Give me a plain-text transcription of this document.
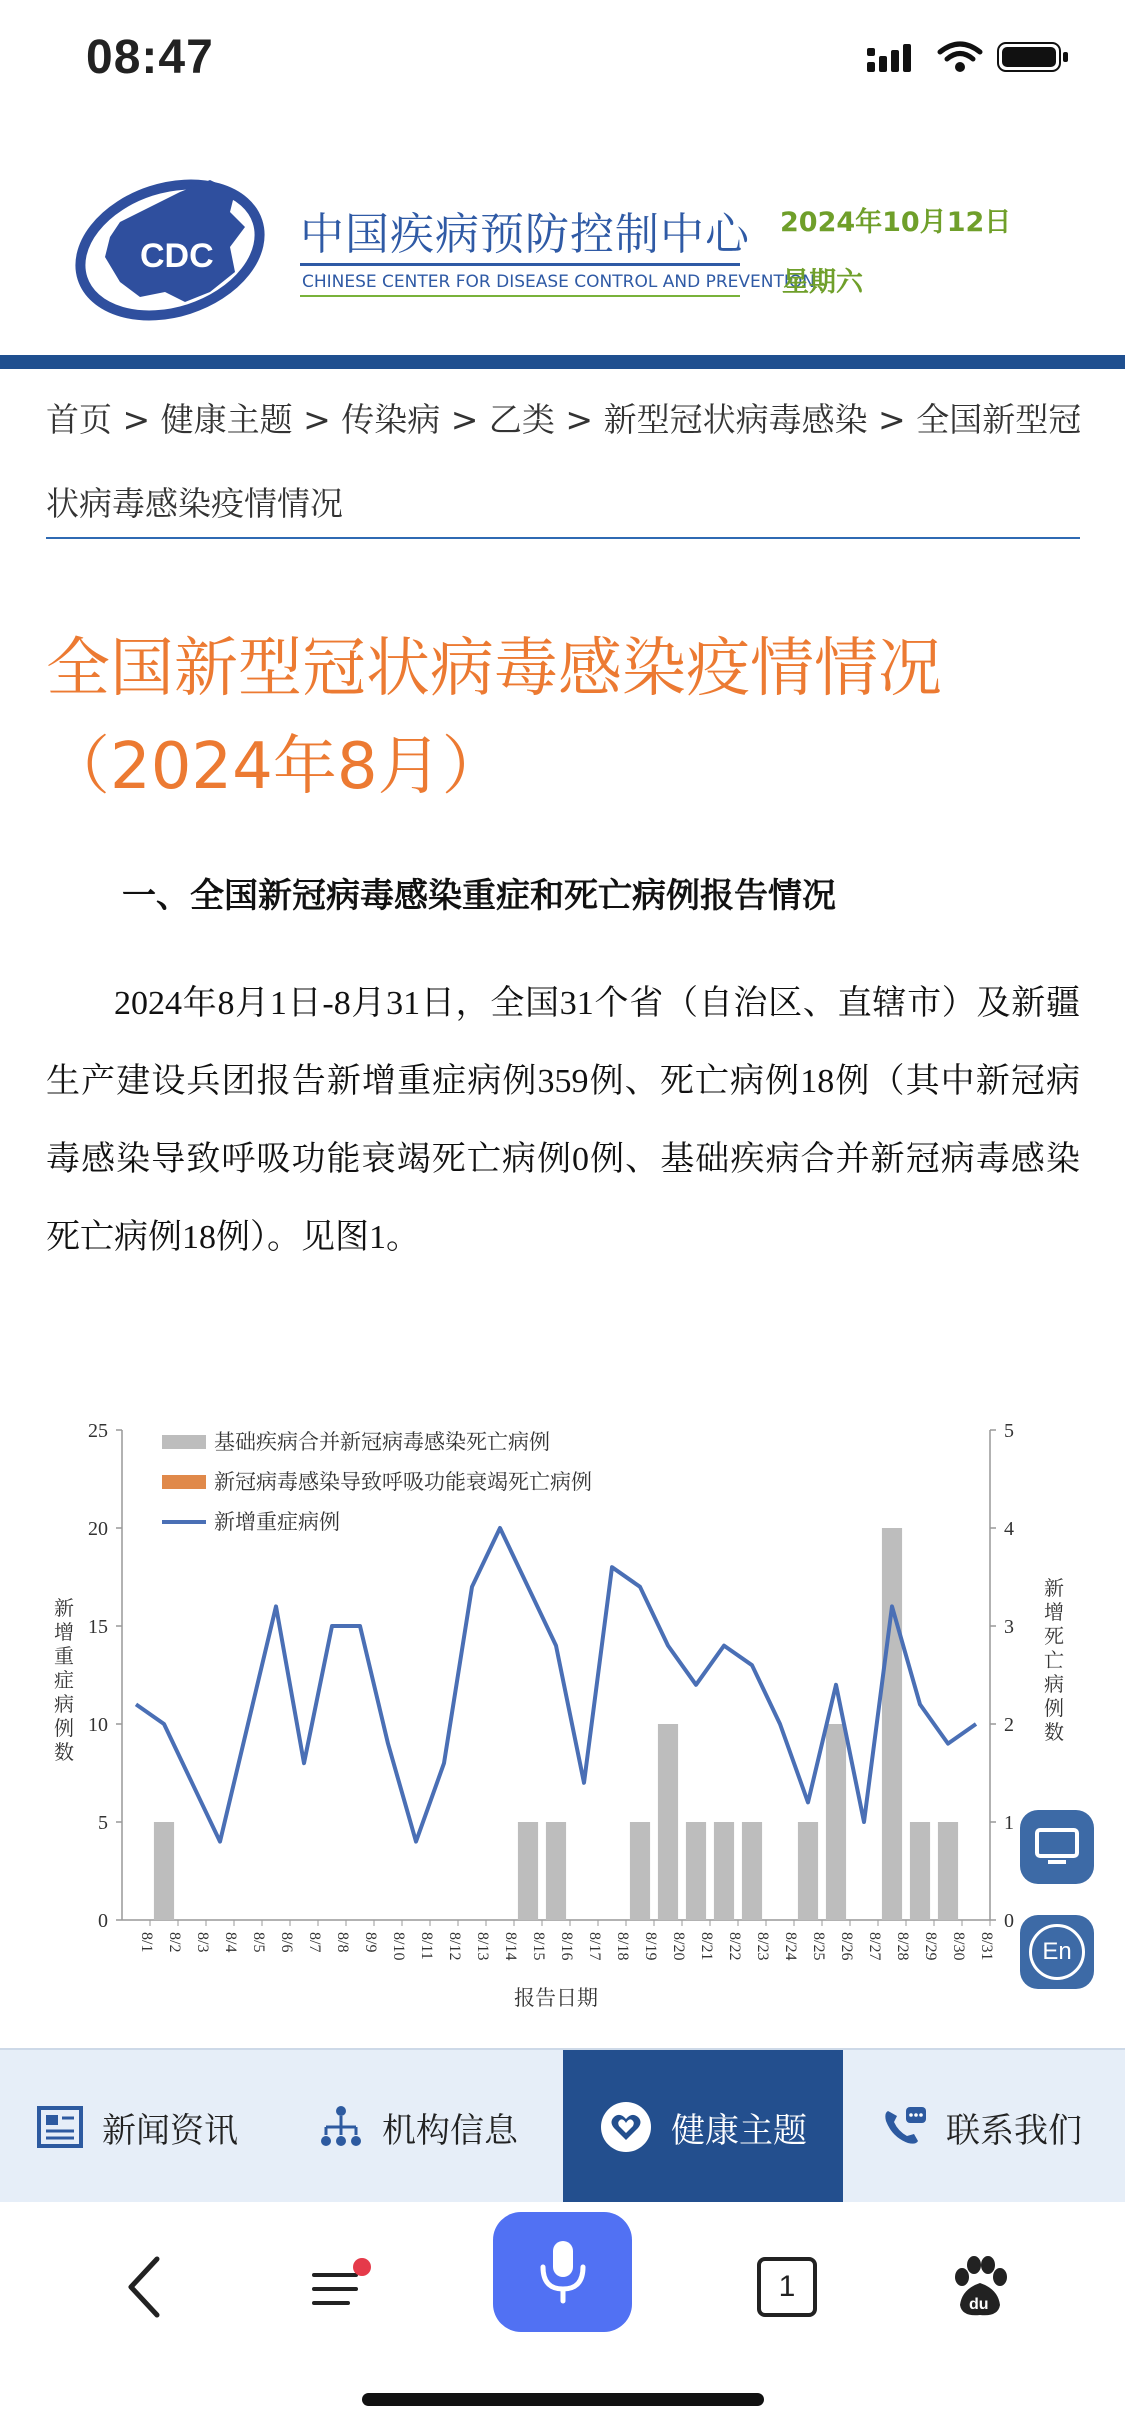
08:47
CDC 中国疾病预防控制中心
CHINESE CENTER FOR DISEASE CONTROL AND PREVENTION
2024年10月12日
星期六
首页 > 健康主题 > 传染病 > 乙类 > 新型冠状病毒感染 > 全国新型冠状病毒感染疫情情况
全国新型冠状病毒感染疫情情况
（2024年8月）
一、全国新冠病毒感染重症和死亡病例报告情况
2024年8月1日-8月31日，全国31个省（自治区、直辖市）及新疆生产建设兵团报告新增重症病例359例、死亡病例18例（其中新冠病毒感染导致呼吸功能衰竭死亡病例0例、基础疾病合并新冠病毒感染死亡病例18例）。见图1。
0
5
10
15
20
25
0
1
2
3
4
5
8/1 8/2 8/3 8/4 8/5 8/6 8/7 8/8 8/9 8/10 8/11 8/12 8/13 8/14 8/15 8/16 8/17 8/18 8/19 8/20 8/21 8/22 8/23 8/24 8/25 8/26 8/27 8/28 8/29 8/30 8/31
基础疾病合并新冠病毒感染死亡病例
新冠病毒感染导致呼吸功能衰竭死亡病例
新增重症病例
新
增
重
症
病
例
数
新
增
死
亡
病
例
数
报告日期
En
新闻资讯	机构信息	健康主题	联系我们
1
du
